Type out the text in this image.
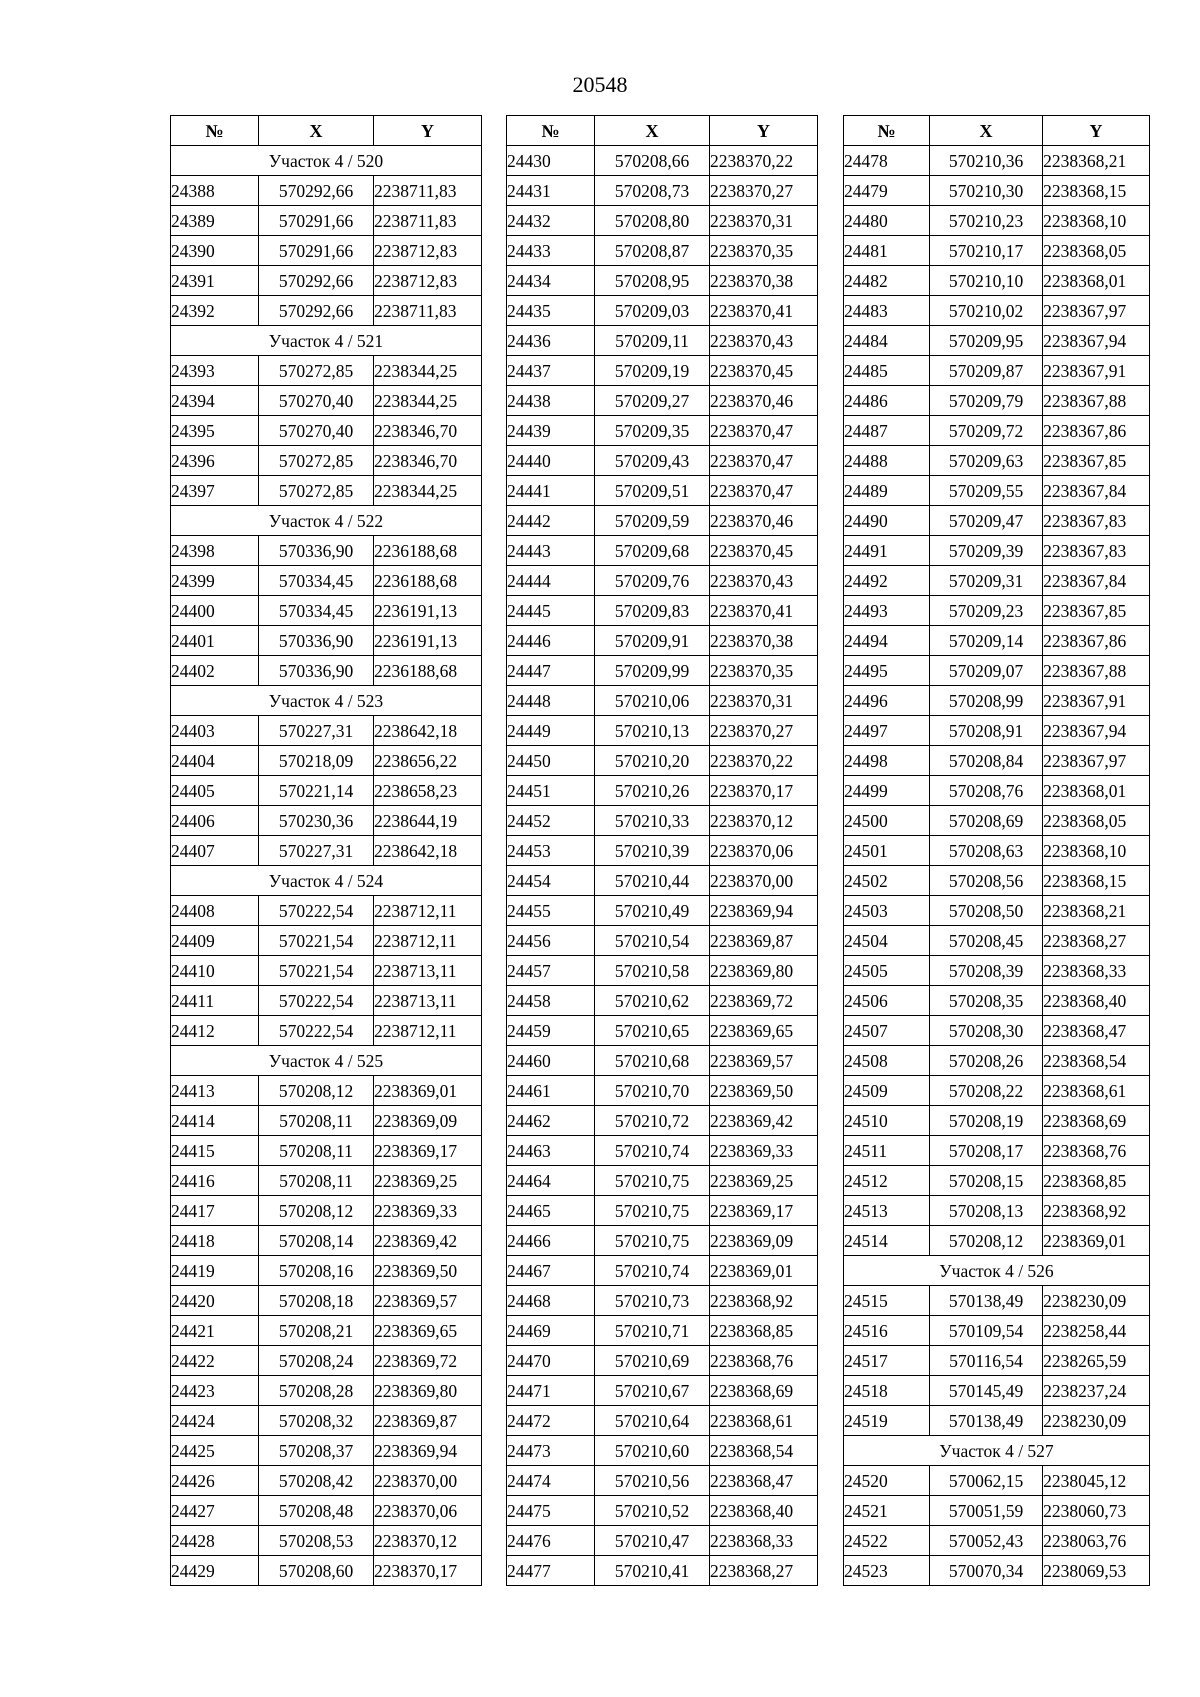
20548
№	X	Y
Участок 4 / 520		
24388	570292,66	2238711,83
24389	570291,66	2238711,83
24390	570291,66	2238712,83
24391	570292,66	2238712,83
24392	570292,66	2238711,83
Участок 4 / 521		
24393	570272,85	2238344,25
24394	570270,40	2238344,25
24395	570270,40	2238346,70
24396	570272,85	2238346,70
24397	570272,85	2238344,25
Участок 4 / 522		
24398	570336,90	2236188,68
24399	570334,45	2236188,68
24400	570334,45	2236191,13
24401	570336,90	2236191,13
24402	570336,90	2236188,68
Участок 4 / 523		
24403	570227,31	2238642,18
24404	570218,09	2238656,22
24405	570221,14	2238658,23
24406	570230,36	2238644,19
24407	570227,31	2238642,18
Участок 4 / 524		
24408	570222,54	2238712,11
24409	570221,54	2238712,11
24410	570221,54	2238713,11
24411	570222,54	2238713,11
24412	570222,54	2238712,11
Участок 4 / 525		
24413	570208,12	2238369,01
24414	570208,11	2238369,09
24415	570208,11	2238369,17
24416	570208,11	2238369,25
24417	570208,12	2238369,33
24418	570208,14	2238369,42
24419	570208,16	2238369,50
24420	570208,18	2238369,57
24421	570208,21	2238369,65
24422	570208,24	2238369,72
24423	570208,28	2238369,80
24424	570208,32	2238369,87
24425	570208,37	2238369,94
24426	570208,42	2238370,00
24427	570208,48	2238370,06
24428	570208,53	2238370,12
24429	570208,60	2238370,17
№	X	Y
24430	570208,66	2238370,22
24431	570208,73	2238370,27
24432	570208,80	2238370,31
24433	570208,87	2238370,35
24434	570208,95	2238370,38
24435	570209,03	2238370,41
24436	570209,11	2238370,43
24437	570209,19	2238370,45
24438	570209,27	2238370,46
24439	570209,35	2238370,47
24440	570209,43	2238370,47
24441	570209,51	2238370,47
24442	570209,59	2238370,46
24443	570209,68	2238370,45
24444	570209,76	2238370,43
24445	570209,83	2238370,41
24446	570209,91	2238370,38
24447	570209,99	2238370,35
24448	570210,06	2238370,31
24449	570210,13	2238370,27
24450	570210,20	2238370,22
24451	570210,26	2238370,17
24452	570210,33	2238370,12
24453	570210,39	2238370,06
24454	570210,44	2238370,00
24455	570210,49	2238369,94
24456	570210,54	2238369,87
24457	570210,58	2238369,80
24458	570210,62	2238369,72
24459	570210,65	2238369,65
24460	570210,68	2238369,57
24461	570210,70	2238369,50
24462	570210,72	2238369,42
24463	570210,74	2238369,33
24464	570210,75	2238369,25
24465	570210,75	2238369,17
24466	570210,75	2238369,09
24467	570210,74	2238369,01
24468	570210,73	2238368,92
24469	570210,71	2238368,85
24470	570210,69	2238368,76
24471	570210,67	2238368,69
24472	570210,64	2238368,61
24473	570210,60	2238368,54
24474	570210,56	2238368,47
24475	570210,52	2238368,40
24476	570210,47	2238368,33
24477	570210,41	2238368,27
№	X	Y
24478	570210,36	2238368,21
24479	570210,30	2238368,15
24480	570210,23	2238368,10
24481	570210,17	2238368,05
24482	570210,10	2238368,01
24483	570210,02	2238367,97
24484	570209,95	2238367,94
24485	570209,87	2238367,91
24486	570209,79	2238367,88
24487	570209,72	2238367,86
24488	570209,63	2238367,85
24489	570209,55	2238367,84
24490	570209,47	2238367,83
24491	570209,39	2238367,83
24492	570209,31	2238367,84
24493	570209,23	2238367,85
24494	570209,14	2238367,86
24495	570209,07	2238367,88
24496	570208,99	2238367,91
24497	570208,91	2238367,94
24498	570208,84	2238367,97
24499	570208,76	2238368,01
24500	570208,69	2238368,05
24501	570208,63	2238368,10
24502	570208,56	2238368,15
24503	570208,50	2238368,21
24504	570208,45	2238368,27
24505	570208,39	2238368,33
24506	570208,35	2238368,40
24507	570208,30	2238368,47
24508	570208,26	2238368,54
24509	570208,22	2238368,61
24510	570208,19	2238368,69
24511	570208,17	2238368,76
24512	570208,15	2238368,85
24513	570208,13	2238368,92
24514	570208,12	2238369,01
Участок 4 / 526		
24515	570138,49	2238230,09
24516	570109,54	2238258,44
24517	570116,54	2238265,59
24518	570145,49	2238237,24
24519	570138,49	2238230,09
Участок 4 / 527		
24520	570062,15	2238045,12
24521	570051,59	2238060,73
24522	570052,43	2238063,76
24523	570070,34	2238069,53
